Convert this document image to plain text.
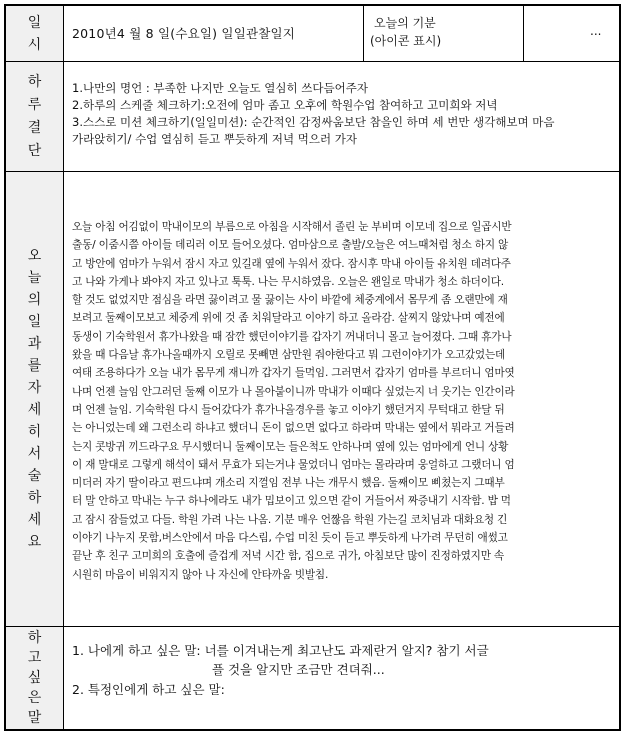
일
시
2010년4 월 8 일(수요일) 일일관찰일지
오늘의 기분
(아이콘 표시)
...
하
루
결
단
1.나만의 명언 : 부족한 나지만 오늘도 열심히 쓰다듬어주자
2.하루의 스케줄 체크하기:오전에 엄마 좀고 오후에 학원수업 참여하고 고미희와 저녁
3.스스로 미션 체크하기(일일미션): 순간적인 감정싸움보단 참을인 하며 세 번만 생각해보며 마음
가라앉히기/ 수업 열심히 듣고 뿌듯하게 저녁 먹으러 가자
오
늘
의
일
과
를
자
세
히
서
술
하
세
요
오늘 아침 어김없이 막내이모의 부름으로 아침을 시작해서 졸린 눈 부비며 이모네 집으로 일곱시반
출동/ 이줌시쯤 아이들 데리러 이모 들어오셨다. 엄마삼으로 출발/오늘은 여느때처럼 청소 하지 않
고 방안에 엄마가 누워서 잠시 자고 있길래 옆에 누워서 잤다. 잠시후 막내 아이들 유치원 데려다주
고 나와 가게나 봐야지 자고 있나고 툭툭. 나는 무시하였음. 오늘은 왠일로 막내가 청소 하더이다.
할 것도 없었지만 점심을 라면 끓이려고 물 끓이는 사이 바깥에 체중계에서 몸무게 좀 오랜만에 재
보려고 둘째이모보고 체중계 위에 것 좀 치워달라고 이야기 하고 올라감. 살찌지 않았나며 예전에
동생이 기숙학원서 휴가나왔을 때 잠깐 했던이야기를 갑자기 꺼내더니 몰고 늘어졌다. 그때 휴가나
왔을 때 다음날 휴가나올때까지 오릴로 못빼면 삼만원 줘야한다고 뭐 그런이야기가 오고갔었는데
여태 조용하다가 오늘 내가 몸무게 재니까 갑자기 들먹임. 그러면서 갑자기 엄마를 부르더니 엄마엿
나며 언젠 늘임 안그러던 둘째 이모가 나 몰아붙이니까 막내가 이때다 싶었는지 너 웃기는 인간이라
며 언젠 늘임. 기숙학원 다시 들어갔다가 휴가나올경우를 놓고 이야기 했던거지 무턱대고 한달 뒤
는 아니었는데 왜 그런소리 하냐고 했더니 돈이 없으면 없다고 하라며 막내는 옆에서 뭐라고 거들려
는지 콧방귀 끼드라구요 무시했더니 둘째이모는 들은척도 안하나며 옆에 있는 엄마에게 언니 상황
이 재 말대로 그렇게 해석이 돼서 무효가 되는거냐 물었더니 엄마는 몰라라며 웅얼하고 그랬더니 엄
미더러 자기 딸이라고 편드냐며 개소리 지껄임 전부 나는 개무시 했음. 둘째이모 삐쳤는지 그때부
터 말 안하고 막내는 누구 하나에라도 내가 밉보이고 있으면 같이 거들어서 짜증내기 시작함. 밥 먹
고 잠시 잠들었고 다들. 학원 가려 나는 나옴. 기분 매우 언짢음 학원 가는길 코치님과 대화요청 긴
이야기 나누지 못함,버스안에서 마음 다스림, 수업 미친 듯이 듣고 뿌듯하게 나가려 무던히 애썼고
끝난 후 친구 고미희의 호출에 즐겁게 저녁 시간 함, 집으로 귀가, 아침보단 많이 진정하였지만 속
시원히 마음이 비워지지 않아 나 자신에 안타까움 빗발침.
하
고
싶
은
말
1. 나에게 하고 싶은 말: 너를 이겨내는게 최고난도 과제란거 알지? 참기 서글
플 것을 알지만 조금만 견뎌줘...
2. 특정인에게 하고 싶은 말:
